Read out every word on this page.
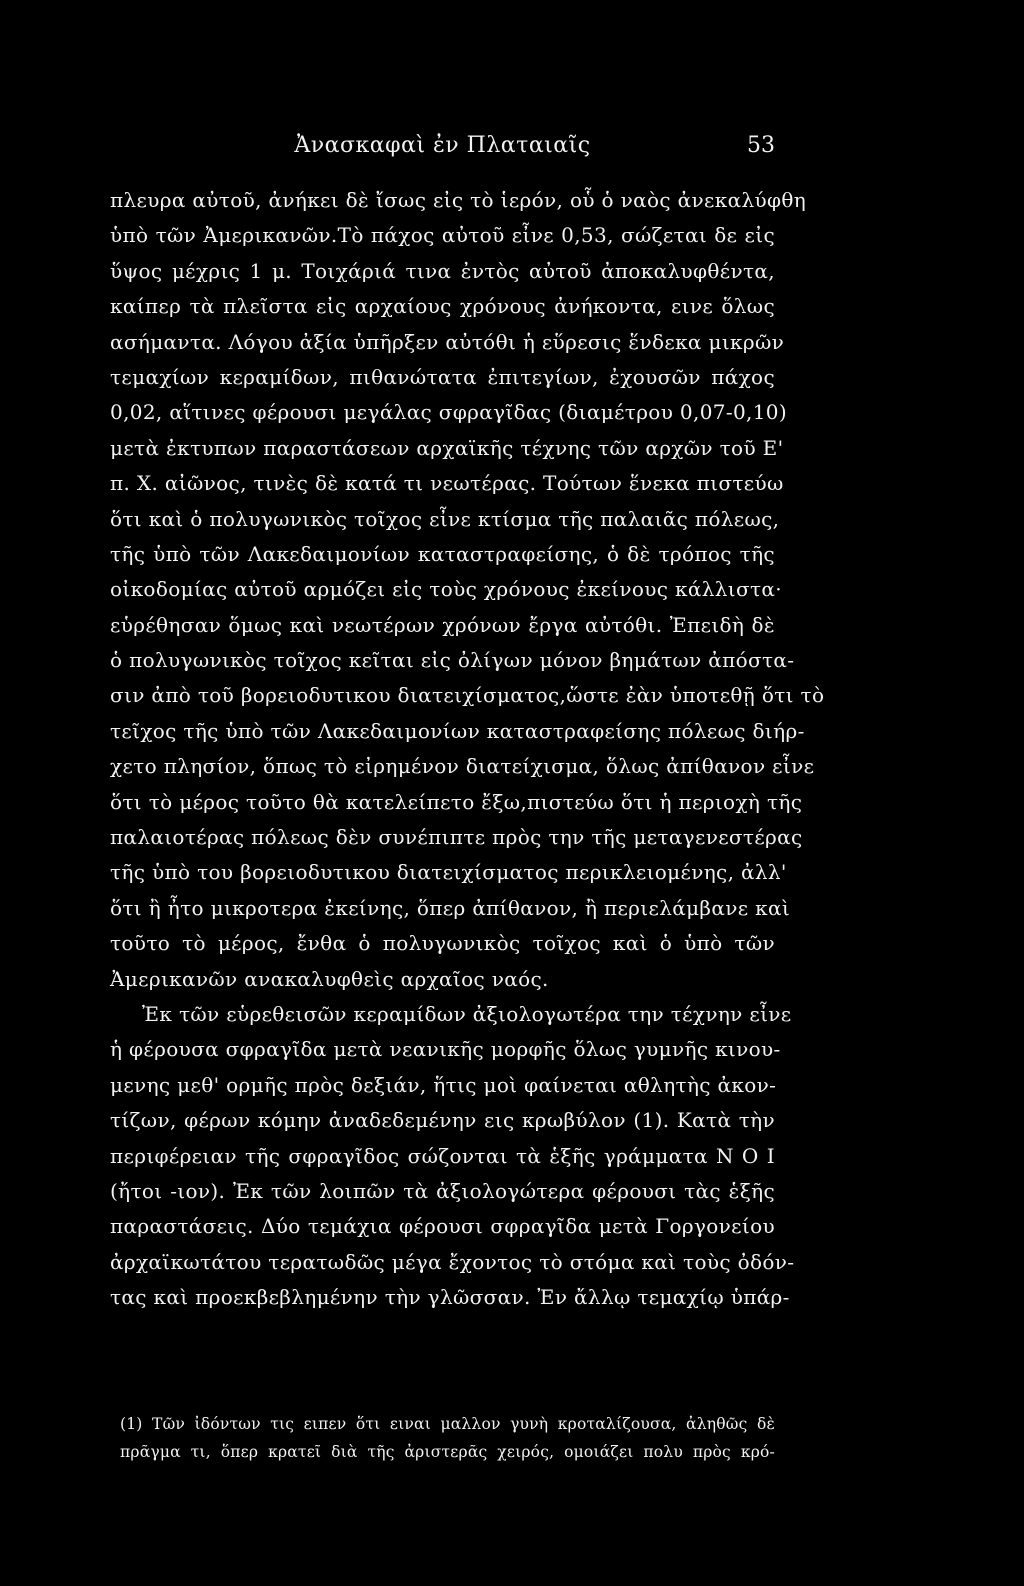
Ἀνασκαφαὶ ἐν Πλαταιαῖς	53
πλευρα αὐτοῦ, ἀνήκει δὲ ἴσως εἰς τὸ ἱερόν, οὗ ὁ ναὸς ἀνεκαλύφθη
ὑπὸ τῶν Ἀμερικανῶν.Τὸ πάχος αὐτοῦ εἶνε 0,53, σώζεται δε εἰς
ὕψος μέχρις 1 μ. Τοιχάριά τινα ἐντὸς αὐτοῦ ἀποκαλυφθέντα,
καίπερ τὰ πλεῖστα εἰς αρχαίους χρόνους ἀνήκοντα, εινε ὅλως
ασήμαντα. Λόγου ἀξία ὑπῆρξεν αὐτόθι ἡ εὕρεσις ἕνδεκα μικρῶν
τεμαχίων κεραμίδων, πιθανώτατα ἐπιτεγίων, ἐχουσῶν πάχος
0,02, αἵτινες φέρουσι μεγάλας σφραγῖδας (διαμέτρου 0,07-0,10)
μετὰ ἐκτυπων παραστάσεων αρχαϊκῆς τέχνης τῶν αρχῶν τοῦ Ε'
π. Χ. αἰῶνος, τινὲς δὲ κατά τι νεωτέρας. Τούτων ἕνεκα πιστεύω
ὅτι καὶ ὁ πολυγωνικὸς τοῖχος εἶνε κτίσμα τῆς παλαιᾶς πόλεως,
τῆς ὑπὸ τῶν Λακεδαιμονίων καταστραφείσης, ὁ δὲ τρόπος τῆς
οἰκοδομίας αὐτοῦ αρμόζει εἰς τοὺς χρόνους ἐκείνους κάλλιστα·
εὑρέθησαν ὅμως καὶ νεωτέρων χρόνων ἔργα αὐτόθι. Ἐπειδὴ δὲ
ὁ πολυγωνικὸς τοῖχος κεῖται εἰς ὀλίγων μόνον βημάτων ἀπόστα-
σιν ἀπὸ τοῦ βορειοδυτικου διατειχίσματος,ὥστε ἐὰν ὑποτεθῇ ὅτι τὸ
τεῖχος τῆς ὑπὸ τῶν Λακεδαιμονίων καταστραφείσης πόλεως διήρ-
χετο πλησίον, ὅπως τὸ εἰρημένον διατείχισμα, ὅλως ἀπίθανον εἶνε
ὅτι τὸ μέρος τοῦτο θὰ κατελείπετο ἔξω,πιστεύω ὅτι ἡ περιοχὴ τῆς
παλαιοτέρας πόλεως δὲν συνέπιπτε πρὸς την τῆς μεταγενεστέρας
τῆς ὑπὸ του βορειοδυτικου διατειχίσματος περικλειομένης, ἀλλ'
ὅτι ἢ ἦτο μικροτερα ἐκείνης, ὅπερ ἀπίθανον, ἢ περιελάμβανε καὶ
τοῦτο τὸ μέρος, ἔνθα ὁ πολυγωνικὸς τοῖχος καὶ ὁ ὑπὸ τῶν
Ἀμερικανῶν ανακαλυφθεὶς αρχαῖος ναός.
Ἐκ τῶν εὑρεθεισῶν κεραμίδων ἀξιολογωτέρα την τέχνην εἶνε
ἡ φέρουσα σφραγῖδα μετὰ νεανικῆς μορφῆς ὅλως γυμνῆς κινου-
μενης μεθ' ορμῆς πρὸς δεξιάν, ἥτις μοὶ φαίνεται αθλητὴς ἀκον-
τίζων, φέρων κόμην ἀναδεδεμένην εις κρωβύλον (1). Κατὰ τὴν
περιφέρειαν τῆς σφραγῖδος σώζονται τὰ ἑξῆς γράμματα Ν Ο Ι
(ἤτοι -ιον). Ἐκ τῶν λοιπῶν τὰ ἀξιολογώτερα φέρουσι τὰς ἑξῆς
παραστάσεις. Δύο τεμάχια φέρουσι σφραγῖδα μετὰ Γοργονείου
ἀρχαϊκωτάτου τερατωδῶς μέγα ἔχοντος τὸ στόμα καὶ τοὺς ὀδόν-
τας καὶ προεκβεβλημένην τὴν γλῶσσαν. Ἐν ἄλλῳ τεμαχίῳ ὑπάρ-
(1) Τῶν ἰδόντων τις ειπεν ὅτι ειναι μαλλον γυνὴ κροταλίζουσα, ἀληθῶς δὲ
πρᾶγμα τι, ὅπερ κρατεῖ διὰ τῆς ἀριστερᾶς χειρός, ομοιάζει πολυ πρὸς κρό-
